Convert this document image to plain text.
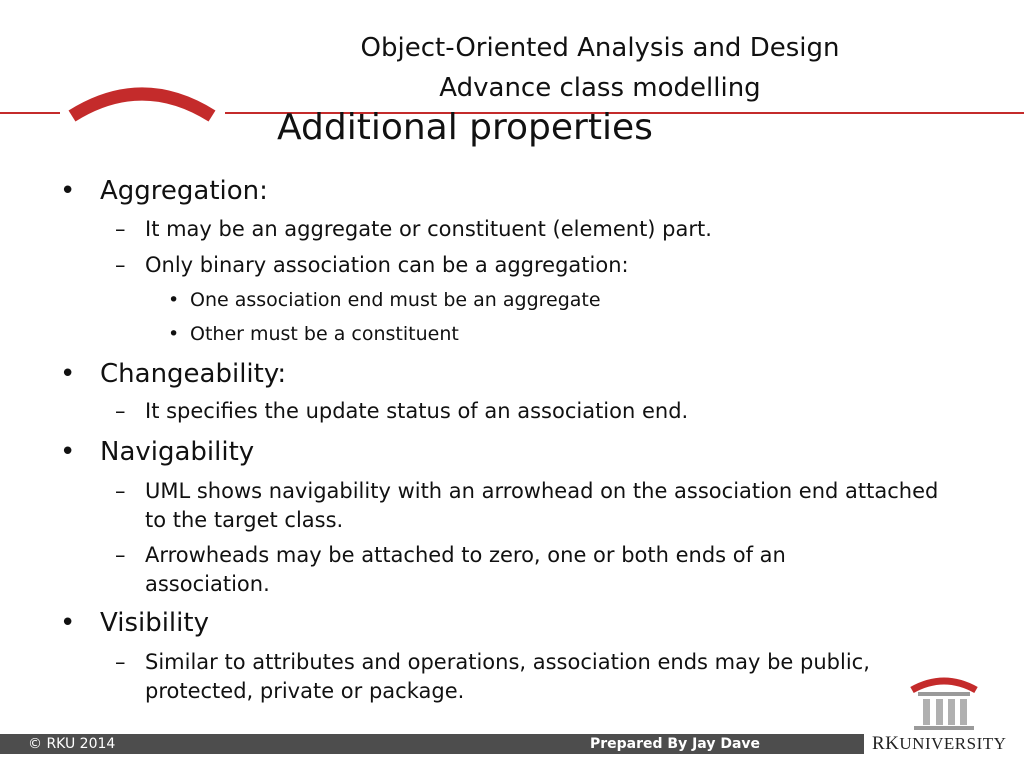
Object-Oriented Analysis and Design
Advance class modelling
Additional properties
• Aggregation:
– It may be an aggregate or constituent (element) part.
– Only binary association can be a aggregation:
• One association end must be an aggregate
• Other must be a constituent
• Changeability:
– It specifies the update status of an association end.
• Navigability
– UML shows navigability with an arrowhead on the association end attached to the target class.
– Arrowheads may be attached to zero, one or both ends of an association.
• Visibility
– Similar to attributes and operations, association ends may be public, protected, private or package.
© RKU 2014	Prepared By Jay Dave	RKUNIVERSITY
